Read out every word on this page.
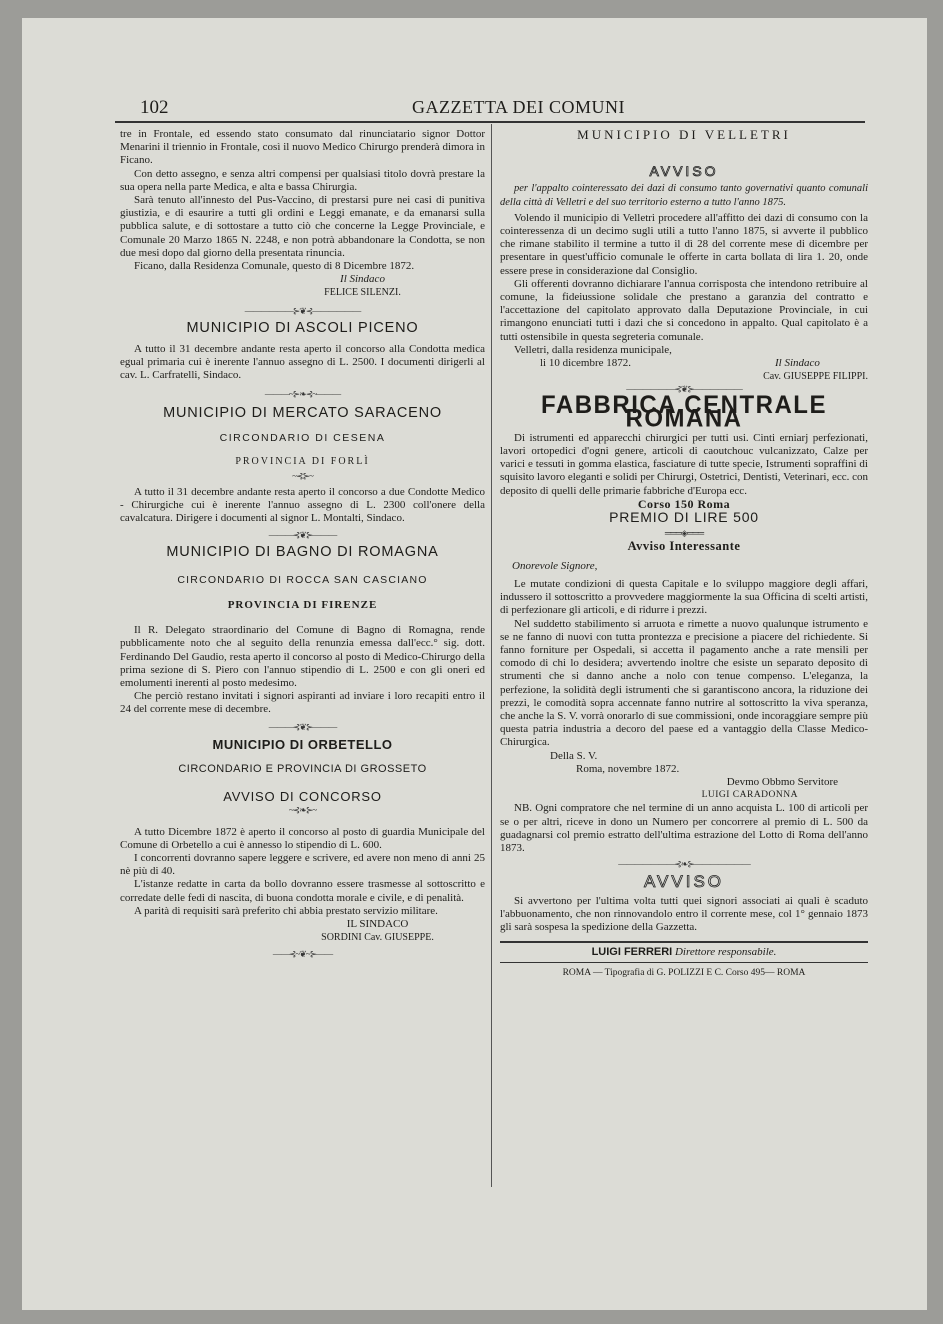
102	GAZZETTA DEI COMUNI

tre in Frontale, ed essendo stato consumato dal rinunciatario signor Dottor Menarini il triennio in Frontale, così il nuovo Medico Chirurgo prenderà dimora in Ficano.

Con detto assegno, e senza altri compensi per qualsiasi titolo dovrà prestare la sua opera nella parte Medica, e alta e bassa Chirurgia.

Sarà tenuto all'innesto del Pus-Vaccino, di prestarsi pure nei casi di punitiva giustizia, e di esaurire a tutti gli ordini e Leggi emanate, e da emanarsi sulla pubblica salute, e di sottostare a tutto ciò che concerne la Legge Provinciale, e Comunale 20 Marzo 1865 N. 2248, e non potrà abbandonare la Condotta, se non due mesi dopo dal giorno della presentata rinuncia.

Ficano, dalla Residenza Comunale, questo di 8 Dicembre 1872.

Il Sindaco

FELICE SILENZI.

——————⊱❦⊰——————

MUNICIPIO DI ASCOLI PICENO

A tutto il 31 decembre andante resta aperto il concorso alla Condotta medica egual primaria cui è inerente l'annuo assegno di L. 2500. I documenti dirigerli al cav. L. Carfratelli, Sindaco.

———~⊱❧⊰~———

MUNICIPIO DI MERCATO SARACENO

CIRCONDARIO DI CESENA

PROVINCIA DI FORLÌ

~⊰⊱~

A tutto il 31 decembre andante resta aperto il concorso a due Condotte Medico - Chirurgiche cui è inerente l'annuo assegno di L. 2300 coll'onere della cavalcatura. Dirigere i documenti al signor L. Montalti, Sindaco.

———⊰❦⊱———

MUNICIPIO DI BAGNO DI ROMAGNA

CIRCONDARIO DI ROCCA SAN CASCIANO

PROVINCIA DI FIRENZE

Il R. Delegato straordinario del Comune di Bagno di Romagna, rende pubblicamente noto che al seguito della renunzia emessa dall'ecc.° sig. dott. Ferdinando Del Gaudio, resta aperto il concorso al posto di Medico-Chirurgo della prima sezione di S. Piero con l'annuo stipendio di L. 2500 e con gli oneri ed emolumenti inerenti al posto medesimo.

Che perciò restano invitati i signori aspiranti ad inviare i loro recapiti entro il 24 del corrente mese di decembre.

———⊰❦⊱———

MUNICIPIO DI ORBETELLO

CIRCONDARIO E PROVINCIA DI GROSSETO

AVVISO DI CONCORSO

~⊰❧⊱~

A tutto Dicembre 1872 è aperto il concorso al posto di guardia Municipale del Comune di Orbetello a cui è annesso lo stipendio di L. 600.

I concorrenti dovranno sapere leggere e scrivere, ed avere non meno di anni 25 nè più di 40.

L'istanze redatte in carta da bollo dovranno essere trasmesse al sottoscritto e corredate delle fedi di nascita, di buona condotta morale e civile, e di penalità.

A parità di requisiti sarà preferito chi abbia prestato servizio militare.

IL SINDACO

SORDINI Cav. GIUSEPPE.

——⊰~❦~⊱——

MUNICIPIO DI VELLETRI

AVVISO

per l'appalto cointeressato dei dazi di consumo tanto governativi quanto comunali della città di Velletri e del suo territorio esterno a tutto l'anno 1875.

Volendo il municipio di Velletri procedere all'affitto dei dazi di consumo con la cointeressenza di un decimo sugli utili a tutto l'anno 1875, si avverte il pubblico che rimane stabilito il termine a tutto il dì 28 del corrente mese di dicembre per presentare in quest'ufficio comunale le offerte in carta bollata di lira 1. 20, onde essere prese in considerazione dal Consiglio.

Gli offerenti dovranno dichiarare l'annua corrisposta che intendono retribuire al comune, la fideiussione solidale che prestano a garanzia del contratto e l'accettazione del capitolato approvato dalla Deputazione Provinciale, in cui rimangono enunciati tutti i dazi che si concedono in appalto. Qual capitolato è a tutti ostensibile in questa segreteria comunale.

Velletri, dalla residenza municipale,

li 10 dicembre 1872.	Il Sindaco

Cav. GIUSEPPE FILIPPI.

——————⊰❦⊱——————

FABBRICA CENTRALE ROMANA

Di istrumenti ed apparecchi chirurgici per tutti usi. Cinti erniarj perfezionati, lavori ortopedici d'ogni genere, articoli di caoutchouc vulcanizzato, Calze per varici e tessuti in gomma elastica, fasciature di tutte specie, Istrumenti sopraffini di squisito lavoro eleganti e solidi per Chirurgi, Ostetrici, Dentisti, Veterinari, ecc. con deposito di quelli delle primarie fabbriche d'Europa ecc.

Corso 150 Roma

PREMIO DI LIRE 500

═══◈═══

Avviso Interessante

Onorevole Signore,

Le mutate condizioni di questa Capitale e lo sviluppo maggiore degli affari, indussero il sottoscritto a provvedere maggiormente la sua Officina di scelti artisti, di perfezionare gli articoli, e di ridurre i prezzi.

Nel suddetto stabilimento si arruota e rimette a nuovo qualunque istrumento e se ne fanno di nuovi con tutta prontezza e precisione a piacere del richiedente. Si fanno forniture per Ospedali, si accetta il pagamento anche a rate mensili per comodo di chi lo desidera; avvertendo inoltre che esiste un separato deposito di strumenti che si danno anche a nolo con tenue compenso. L'eleganza, la perfezione, la solidità degli istrumenti che si garantiscono ancora, la riduzione dei prezzi, le comodità sopra accennate fanno nutrire al sottoscritto la viva speranza, che anche la S. V. vorrà onorarlo di sue commissioni, onde incoraggiare sempre più questa patria industria a decoro del paese ed a vantaggio della Classe Medico-Chirurgica.

Della S. V.

Roma, novembre 1872.

Devmo Obbmo Servitore

LUIGI CARADONNA

NB. Ogni compratore che nel termine di un anno acquista L. 100 di articoli per se o per altri, riceve in dono un Numero per concorrere al premio di L. 500 da guadagnarsi col premio estratto dell'ultima estrazione del Lotto di Roma dell'anno 1873.

———————⊰❧⊱———————

AVVISO

Si avvertono per l'ultima volta tutti quei signori associati ai quali è scaduto l'abbuonamento, che non rinnovandolo entro il corrente mese, col 1° gennaio 1873 gli sarà sospesa la spedizione della Gazzetta.

LUIGI FERRERI Direttore responsabile.

ROMA — Tipografia di G. POLIZZI E C. Corso 495— ROMA
